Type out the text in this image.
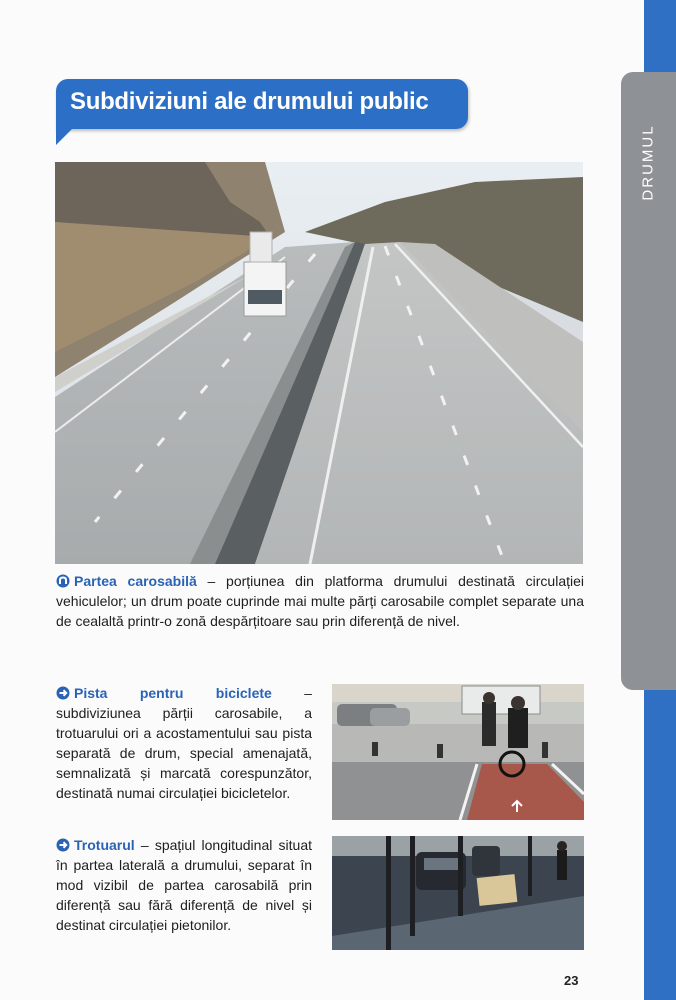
DRUMUL
Subdiviziuni ale drumului public

Partea carosabilă – porțiunea din platforma drumului destinată circulației vehiculelor; un drum poate cuprinde mai multe părți carosabile complet separate una de cealaltă printr-o zonă despărțitoare sau prin diferență de nivel.

Pista pentru biciclete – subdiviziunea părții carosabile, a trotuarului ori a acostamentului sau pista separată de drum, special amenajată, semnalizată și marcată corespunzător, destinată numai circulației bicicletelor.

Trotuarul – spațiul longitudinal situat în partea laterală a drumului, separat în mod vizibil de partea carosabilă prin diferență sau fără diferență de nivel și destinat circulației pietonilor.

23
